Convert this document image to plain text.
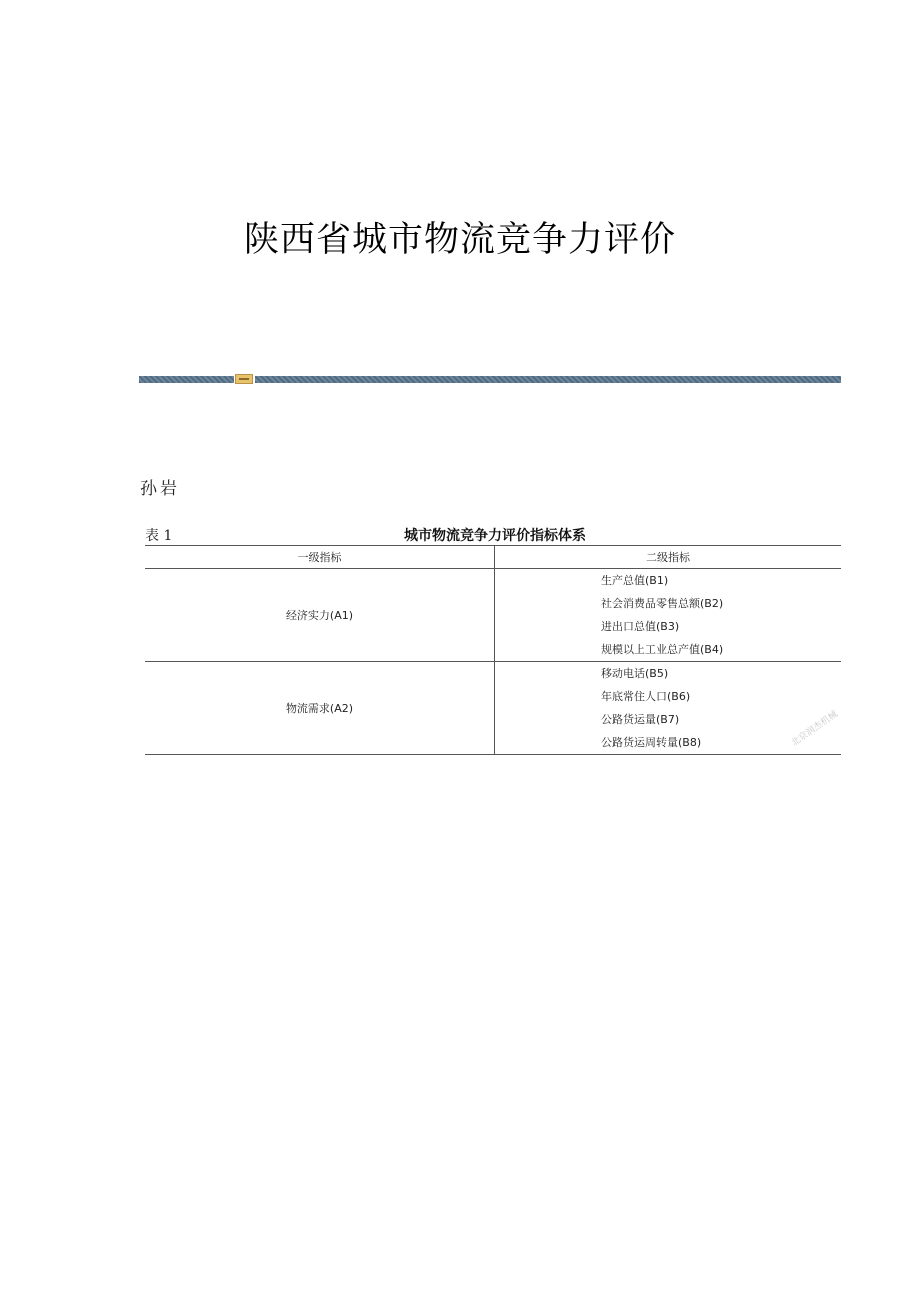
陕西省城市物流竞争力评价
孙岩
表 1	城市物流竞争力评价指标体系
一级指标	二级指标
经济实力(A1)
生产总值(B1)
社会消费品零售总额(B2)
进出口总值(B3)
规模以上工业总产值(B4)
物流需求(A2)
移动电话(B5)
年底常住人口(B6)
公路货运量(B7)
公路货运周转量(B8)	北京润杰机械
